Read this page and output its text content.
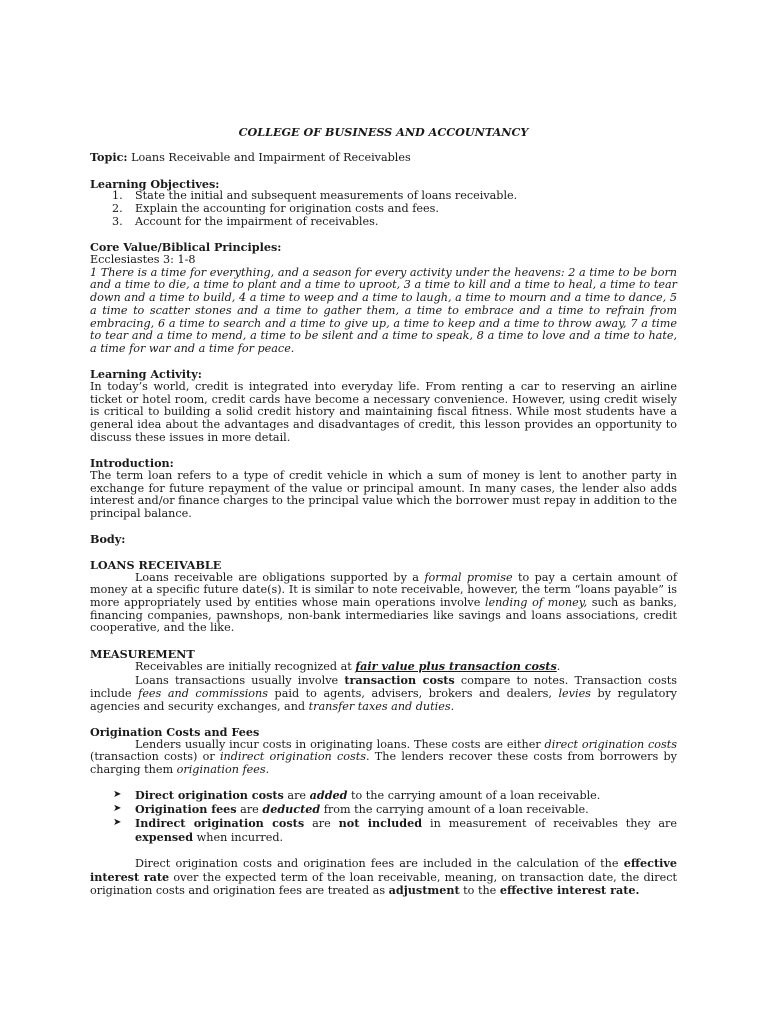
COLLEGE OF BUSINESS AND ACCOUNTANCY

Topic: Loans Receivable and Impairment of Receivables

Learning Objectives:

1. State the initial and subsequent measurements of loans receivable.
2. Explain the accounting for origination costs and fees.
3. Account for the impairment of receivables.

Core Value/Biblical Principles:

Ecclesiastes 3: 1-8

1 There is a time for everything, and a season for every activity under the heavens: 2 a time to be born and a time to die, a time to plant and a time to uproot, 3 a time to kill and a time to heal, a time to tear down and a time to build, 4 a time to weep and a time to laugh, a time to mourn and a time to dance, 5 a time to scatter stones and a time to gather them, a time to embrace and a time to refrain from embracing, 6 a time to search and a time to give up, a time to keep and a time to throw away, 7 a time to tear and a time to mend, a time to be silent and a time to speak, 8 a time to love and a time to hate, a time for war and a time for peace.

Learning Activity:

In today’s world, credit is integrated into everyday life. From renting a car to reserving an airline ticket or hotel room, credit cards have become a necessary convenience. However, using credit wisely is critical to building a solid credit history and maintaining fiscal fitness. While most students have a general idea about the advantages and disadvantages of credit, this lesson provides an opportunity to discuss these issues in more detail.

Introduction:

The term loan refers to a type of credit vehicle in which a sum of money is lent to another party in exchange for future repayment of the value or principal amount. In many cases, the lender also adds interest and/or finance charges to the principal value which the borrower must repay in addition to the principal balance.

Body:

LOANS RECEIVABLE

Loans receivable are obligations supported by a formal promise to pay a certain amount of money at a specific future date(s). It is similar to note receivable, however, the term “loans payable” is more appropriately used by entities whose main operations involve lending of money, such as banks, financing companies, pawnshops, non-bank intermediaries like savings and loans associations, credit cooperative, and the like.

MEASUREMENT

Receivables are initially recognized at fair value plus transaction costs.

Loans transactions usually involve transaction costs compare to notes. Transaction costs include fees and commissions paid to agents, advisers, brokers and dealers, levies by regulatory agencies and security exchanges, and transfer taxes and duties.

Origination Costs and Fees

Lenders usually incur costs in originating loans. These costs are either direct origination costs (transaction costs) or indirect origination costs. The lenders recover these costs from borrowers by charging them origination fees.

➤ Direct origination costs are added to the carrying amount of a loan receivable.
➤ Origination fees are deducted from the carrying amount of a loan receivable.
➤ Indirect origination costs are not included in measurement of receivables they are expensed when incurred.

Direct origination costs and origination fees are included in the calculation of the effective interest rate over the expected term of the loan receivable, meaning, on transaction date, the direct origination costs and origination fees are treated as adjustment to the effective interest rate.
